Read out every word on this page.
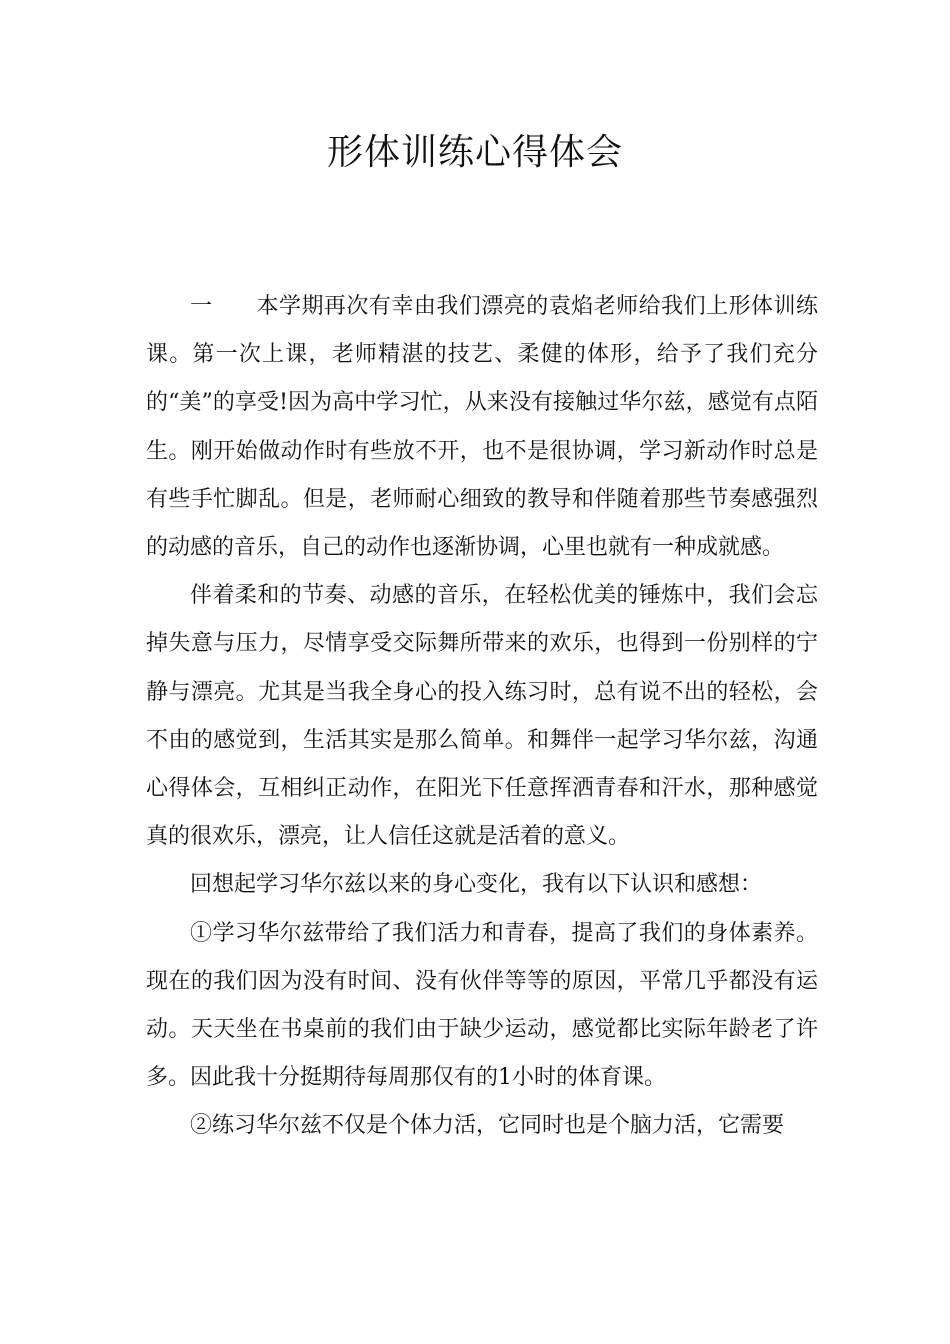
形体训练心得体会

一 本学期再次有幸由我们漂亮的袁焰老师给我们上形体训练课。第一次上课，老师精湛的技艺、柔健的体形，给予了我们充分的“美”的享受!因为高中学习忙，从来没有接触过华尔兹，感觉有点陌生。刚开始做动作时有些放不开，也不是很协调，学习新动作时总是有些手忙脚乱。但是，老师耐心细致的教导和伴随着那些节奏感强烈的动感的音乐，自己的动作也逐渐协调，心里也就有一种成就感。

伴着柔和的节奏、动感的音乐，在轻松优美的锤炼中，我们会忘掉失意与压力，尽情享受交际舞所带来的欢乐，也得到一份别样的宁静与漂亮。尤其是当我全身心的投入练习时，总有说不出的轻松，会不由的感觉到，生活其实是那么简单。和舞伴一起学习华尔兹，沟通心得体会，互相纠正动作，在阳光下任意挥洒青春和汗水，那种感觉真的很欢乐，漂亮，让人信任这就是活着的意义。

回想起学习华尔兹以来的身心变化，我有以下认识和感想：

①学习华尔兹带给了我们活力和青春，提高了我们的身体素养。现在的我们因为没有时间、没有伙伴等等的原因，平常几乎都没有运动。天天坐在书桌前的我们由于缺少运动，感觉都比实际年龄老了许多。因此我十分挺期待每周那仅有的1小时的体育课。

②练习华尔兹不仅是个体力活，它同时也是个脑力活，它需要
